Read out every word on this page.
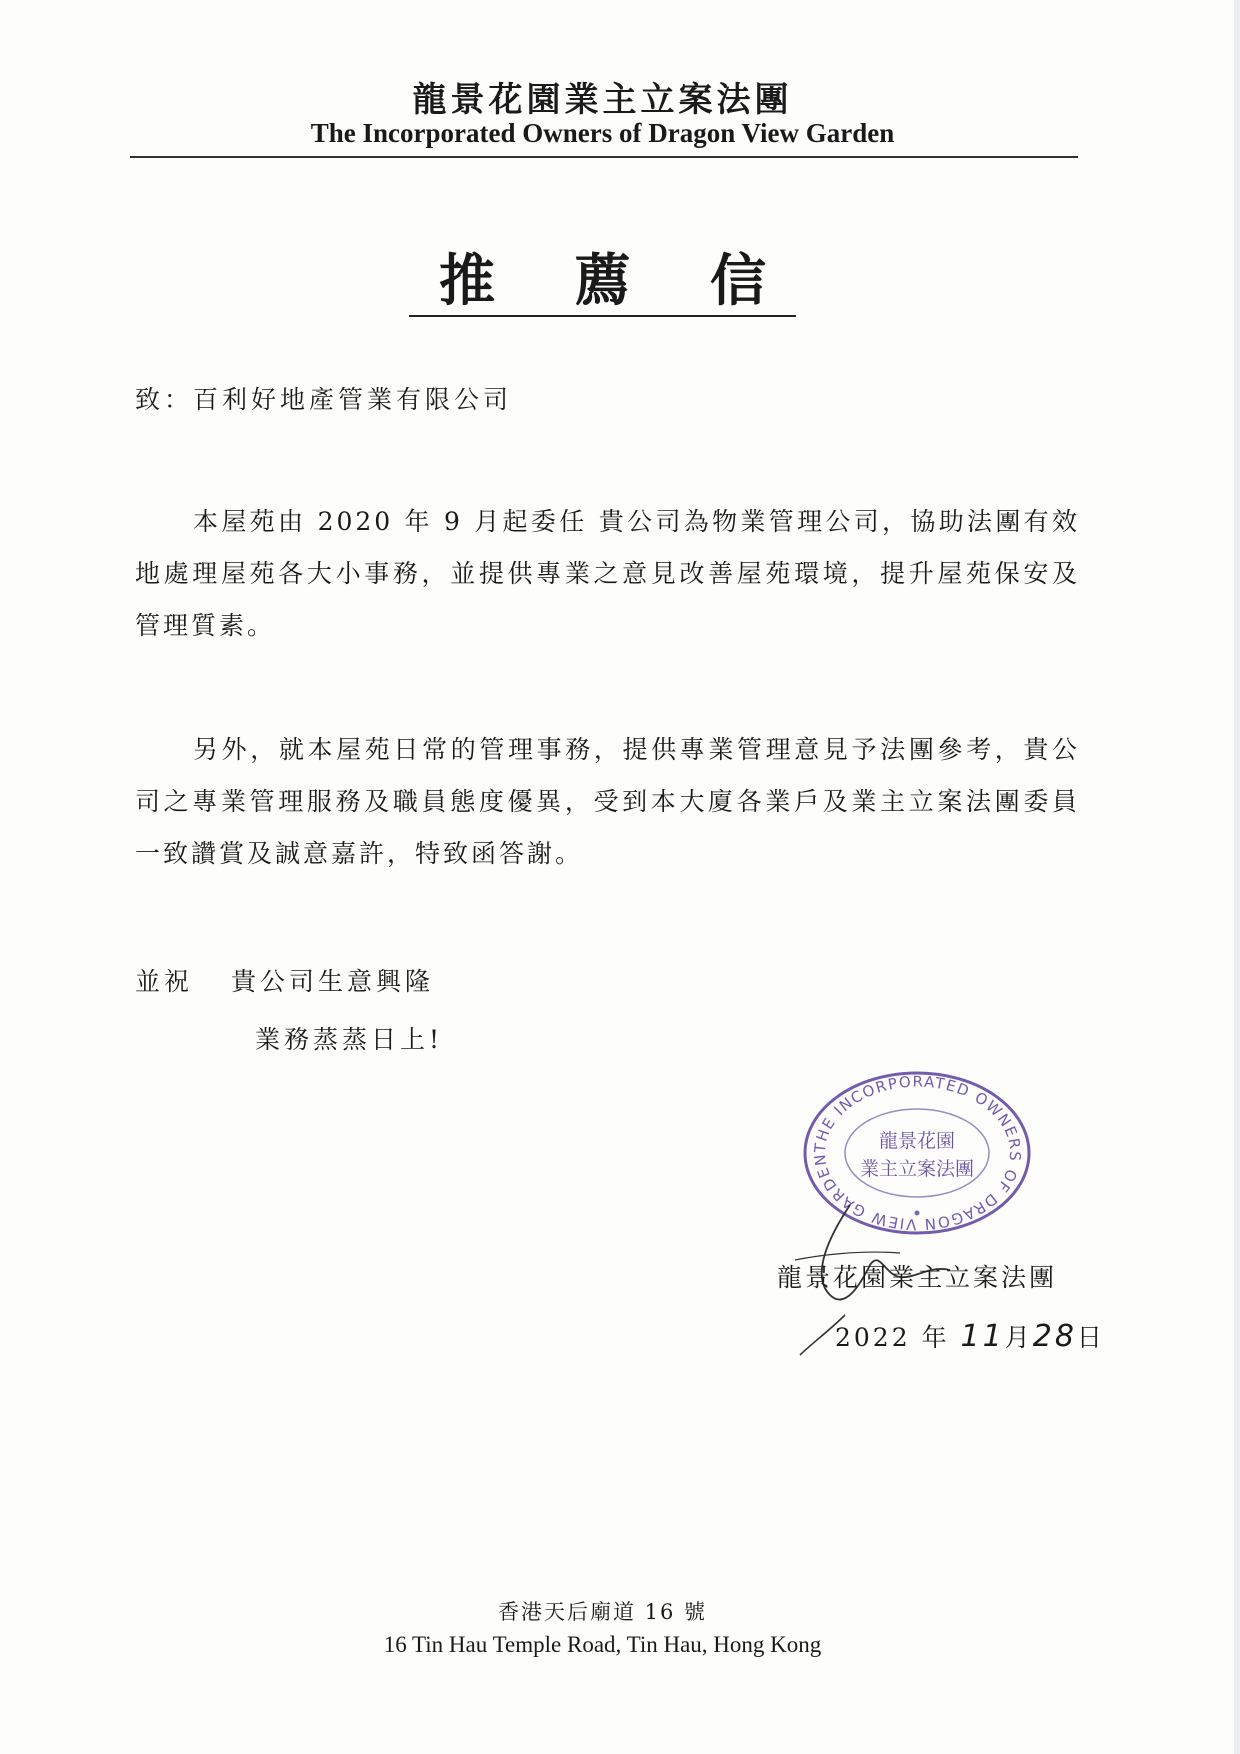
龍景花園業主立案法團
The Incorporated Owners of Dragon View Garden
推 薦 信
致：百利好地產管業有限公司

本屋苑由 2020 年 9 月起委任 貴公司為物業管理公司，協助法團有效地處理屋苑各大小事務，並提供專業之意見改善屋苑環境，提升屋苑保安及管理質素。

另外，就本屋苑日常的管理事務，提供專業管理意見予法團參考，貴公司之專業管理服務及職員態度優異，受到本大廈各業戶及業主立案法團委員一致讚賞及誠意嘉許，特致函答謝。

並祝 貴公司生意興隆
業務蒸蒸日上!
THE INCORPORATED OWNERS OF DRAGON VIEW GARDEN
龍景花園
業主立案法團
龍景花園業主立案法團
2022 年 11月28日
香港天后廟道 16 號
16 Tin Hau Temple Road, Tin Hau, Hong Kong
